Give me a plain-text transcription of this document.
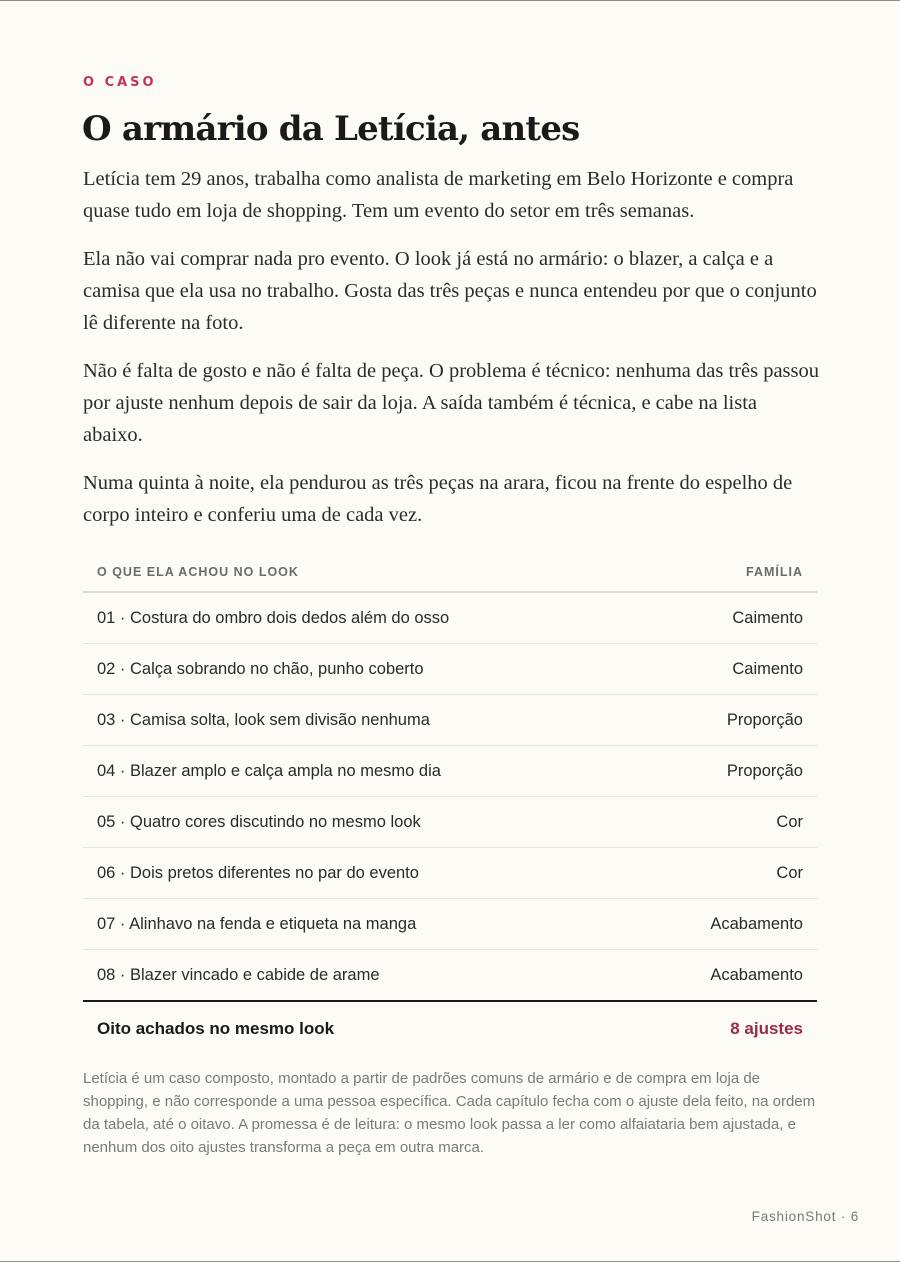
O CASO
O armário da Letícia, antes

Letícia tem 29 anos, trabalha como analista de marketing em Belo Horizonte e compra quase tudo em loja de shopping. Tem um evento do setor em três semanas.

Ela não vai comprar nada pro evento. O look já está no armário: o blazer, a calça e a camisa que ela usa no trabalho. Gosta das três peças e nunca entendeu por que o conjunto lê diferente na foto.

Não é falta de gosto e não é falta de peça. O problema é técnico: nenhuma das três passou por ajuste nenhum depois de sair da loja. A saída também é técnica, e cabe na lista abaixo.

Numa quinta à noite, ela pendurou as três peças na arara, ficou na frente do espelho de corpo inteiro e conferiu uma de cada vez.

O QUE ELA ACHOU NO LOOK	FAMÍLIA
01 · Costura do ombro dois dedos além do osso	Caimento
02 · Calça sobrando no chão, punho coberto	Caimento
03 · Camisa solta, look sem divisão nenhuma	Proporção
04 · Blazer amplo e calça ampla no mesmo dia	Proporção
05 · Quatro cores discutindo no mesmo look	Cor
06 · Dois pretos diferentes no par do evento	Cor
07 · Alinhavo na fenda e etiqueta na manga	Acabamento
08 · Blazer vincado e cabide de arame	Acabamento
Oito achados no mesmo look	8 ajustes

Letícia é um caso composto, montado a partir de padrões comuns de armário e de compra em loja de shopping, e não corresponde a uma pessoa específica. Cada capítulo fecha com o ajuste dela feito, na ordem da tabela, até o oitavo. A promessa é de leitura: o mesmo look passa a ler como alfaiataria bem ajustada, e nenhum dos oito ajustes transforma a peça em outra marca.

FashionShot · 6
